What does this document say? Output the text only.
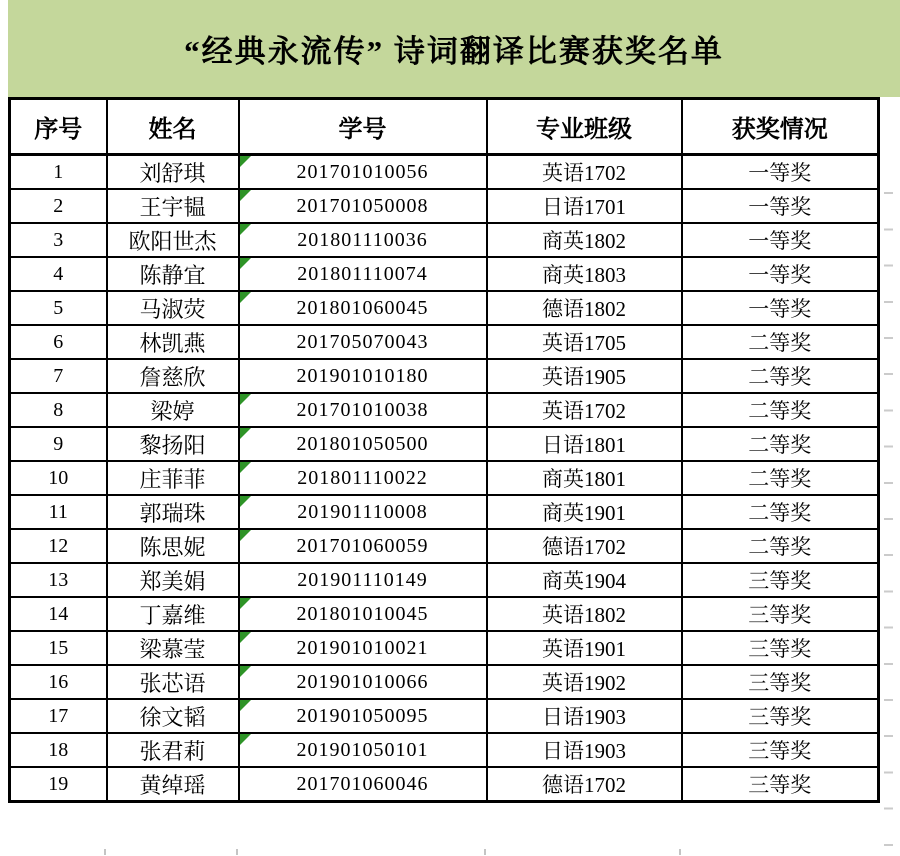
“经典永流传” 诗词翻译比赛获奖名单
序号	姓名	学号	专业班级	获奖情况
1	刘舒琪	201701010056	英语1702	一等奖
2	王宇韫	201701050008	日语1701	一等奖
3	欧阳世杰	201801110036	商英1802	一等奖
4	陈静宜	201801110074	商英1803	一等奖
5	马淑荧	201801060045	德语1802	一等奖
6	林凯燕	201705070043	英语1705	二等奖
7	詹慈欣	201901010180	英语1905	二等奖
8	梁婷	201701010038	英语1702	二等奖
9	黎扬阳	201801050500	日语1801	二等奖
10	庄菲菲	201801110022	商英1801	二等奖
11	郭瑞珠	201901110008	商英1901	二等奖
12	陈思妮	201701060059	德语1702	二等奖
13	郑美娟	201901110149	商英1904	三等奖
14	丁嘉维	201801010045	英语1802	三等奖
15	梁慕莹	201901010021	英语1901	三等奖
16	张芯语	201901010066	英语1902	三等奖
17	徐文韬	201901050095	日语1903	三等奖
18	张君莉	201901050101	日语1903	三等奖
19	黄绰瑶	201701060046	德语1702	三等奖
